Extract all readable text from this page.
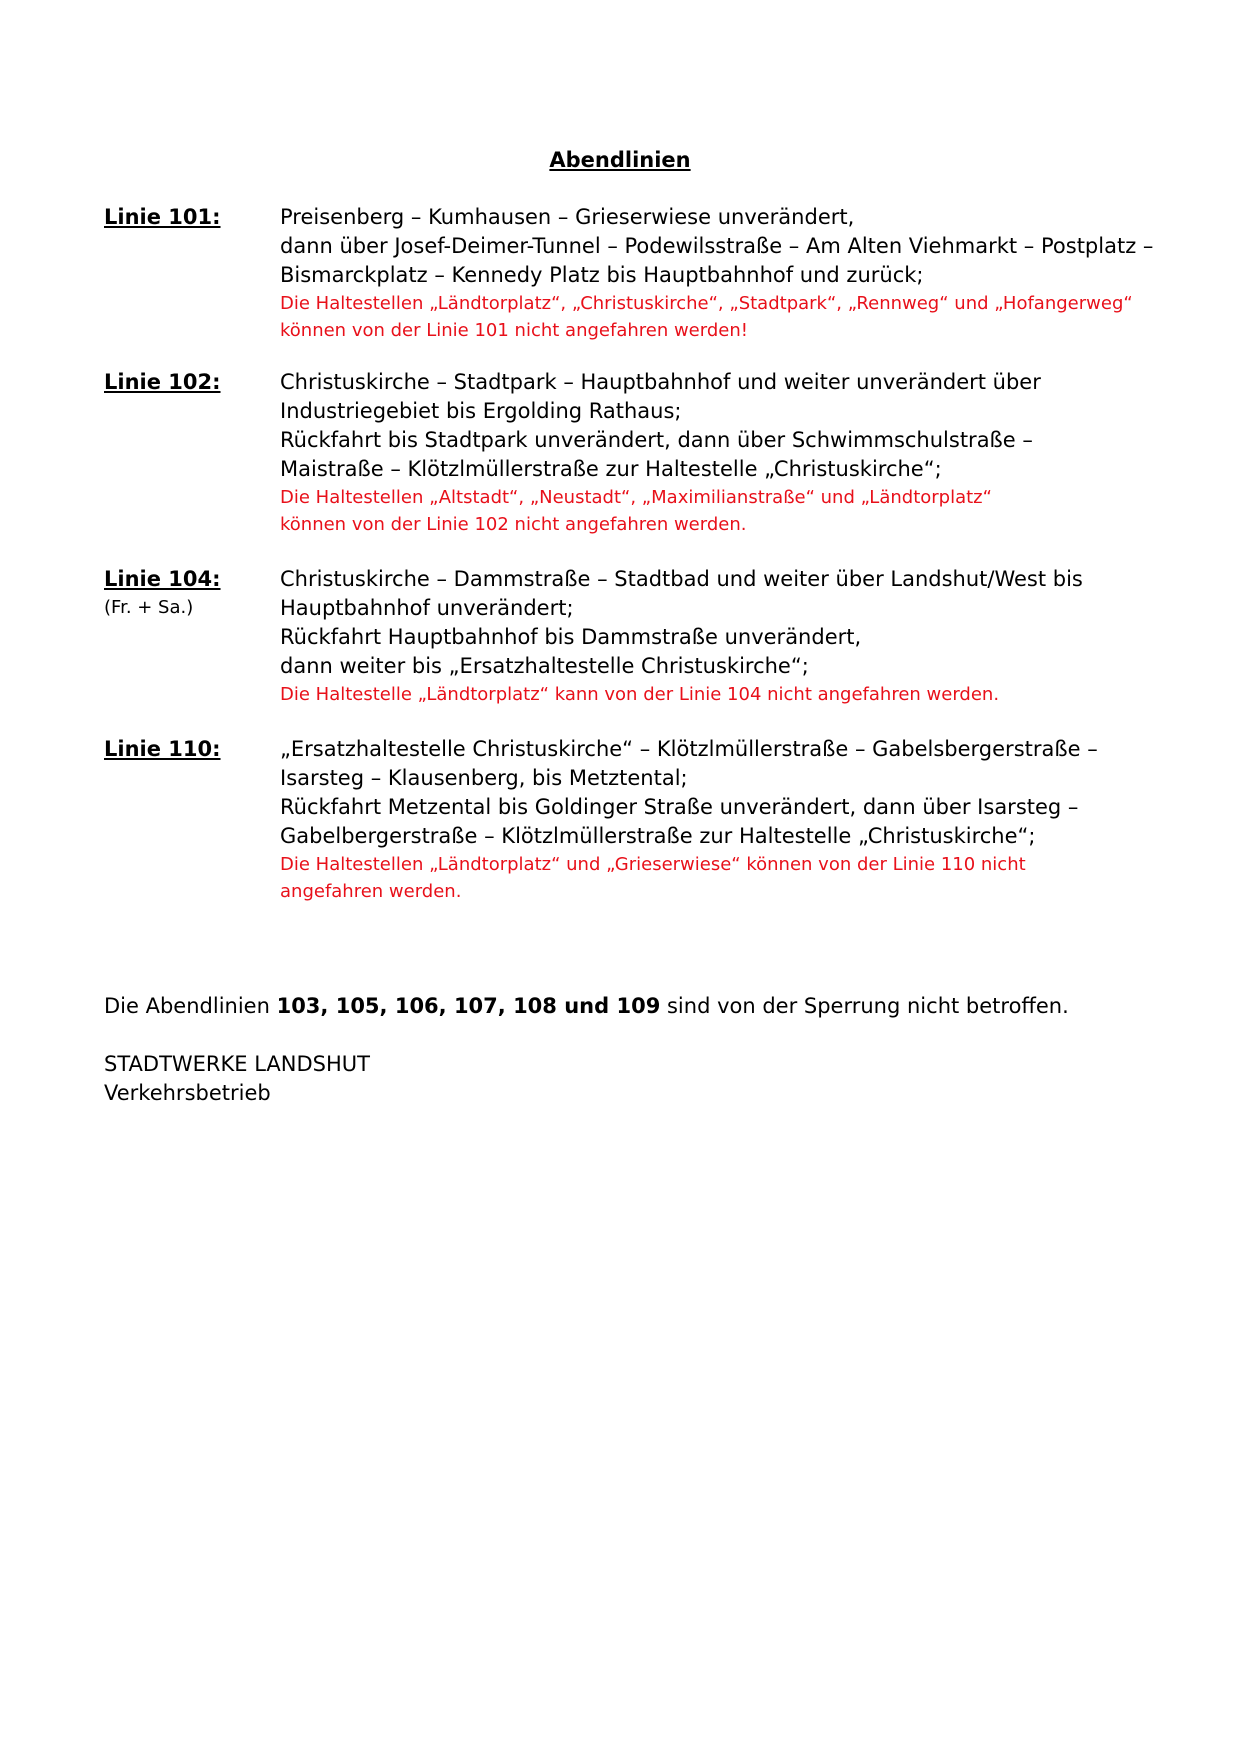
Abendlinien
Linie 101:	Preisenberg – Kumhausen – Grieserwiese unverändert,
dann über Josef-Deimer-Tunnel – Podewilsstraße – Am Alten Viehmarkt – Postplatz –
Bismarckplatz – Kennedy Platz bis Hauptbahnhof und zurück;
Die Haltestellen „Ländtorplatz“, „Christuskirche“, „Stadtpark“, „Rennweg“ und „Hofangerweg“
können von der Linie 101 nicht angefahren werden!
Linie 102:	Christuskirche – Stadtpark – Hauptbahnhof und weiter unverändert über
Industriegebiet bis Ergolding Rathaus;
Rückfahrt bis Stadtpark unverändert, dann über Schwimmschulstraße –
Maistraße – Klötzlmüllerstraße zur Haltestelle „Christuskirche“;
Die Haltestellen „Altstadt“, „Neustadt“, „Maximilianstraße“ und „Ländtorplatz“
können von der Linie 102 nicht angefahren werden.
Linie 104:
(Fr. + Sa.)
Christuskirche – Dammstraße – Stadtbad und weiter über Landshut/West bis
Hauptbahnhof unverändert;
Rückfahrt Hauptbahnhof bis Dammstraße unverändert,
dann weiter bis „Ersatzhaltestelle Christuskirche“;
Die Haltestelle „Ländtorplatz“ kann von der Linie 104 nicht angefahren werden.
Linie 110:	„Ersatzhaltestelle Christuskirche“ – Klötzlmüllerstraße – Gabelsbergerstraße –
Isarsteg – Klausenberg, bis Metztental;
Rückfahrt Metzental bis Goldinger Straße unverändert, dann über Isarsteg –
Gabelbergerstraße – Klötzlmüllerstraße zur Haltestelle „Christuskirche“;
Die Haltestellen „Ländtorplatz“ und „Grieserwiese“ können von der Linie 110 nicht
angefahren werden.
Die Abendlinien 103, 105, 106, 107, 108 und 109 sind von der Sperrung nicht betroffen.
STADTWERKE LANDSHUT
Verkehrsbetrieb
